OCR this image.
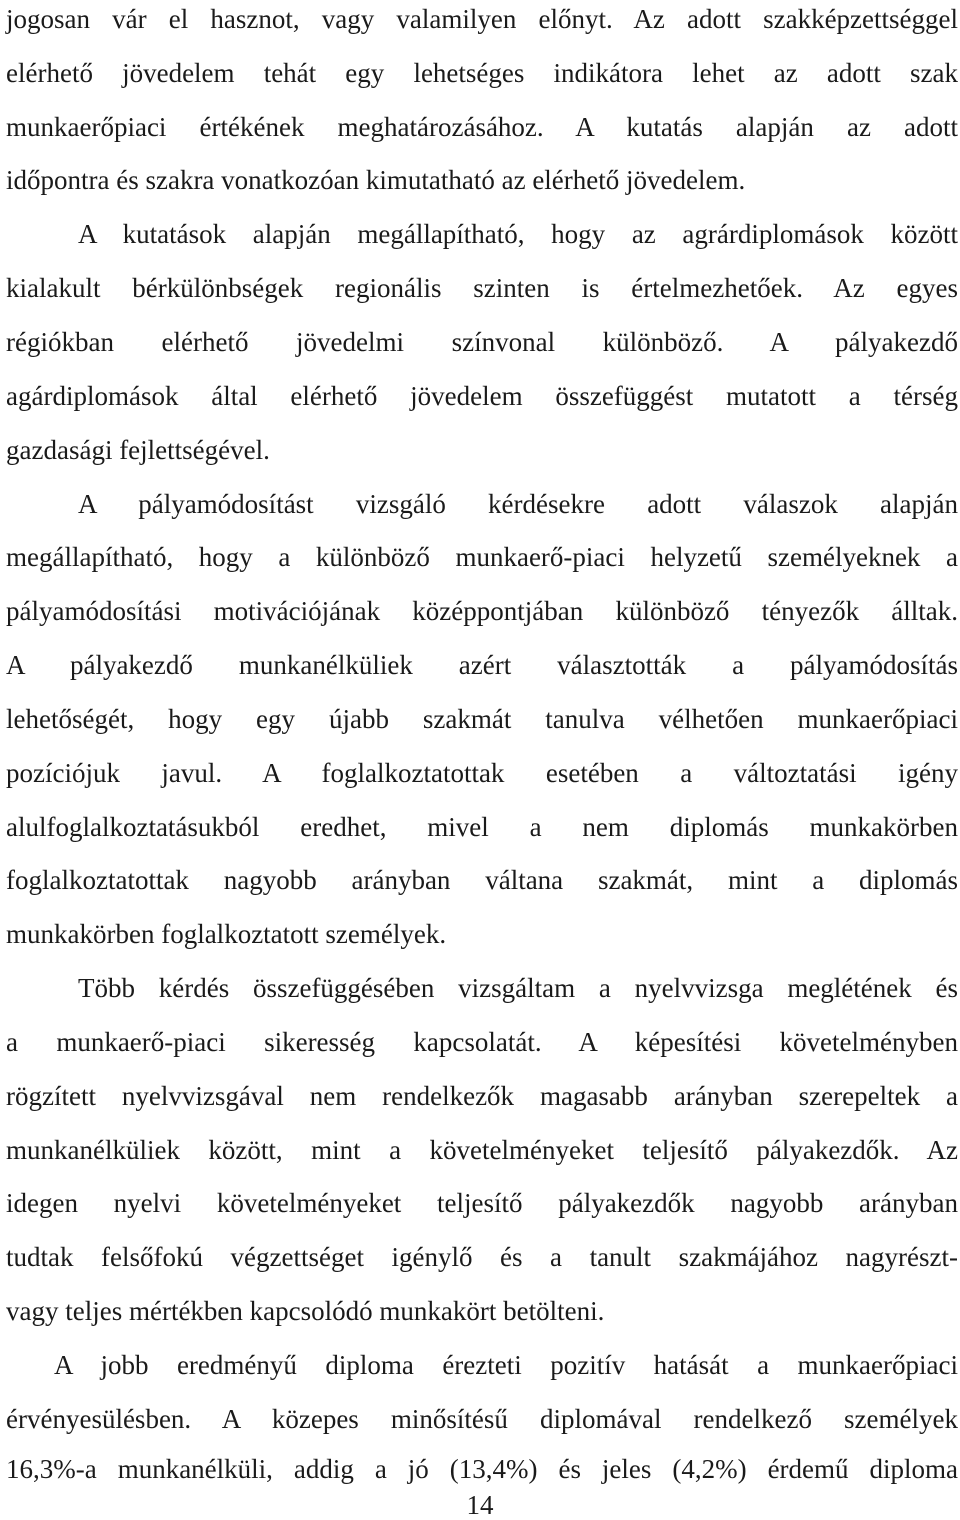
jogosan vár el hasznot, vagy valamilyen előnyt. Az adott szakképzettséggel
elérhető jövedelem tehát egy lehetséges indikátora lehet az adott szak
munkaerőpiaci értékének meghatározásához. A kutatás alapján az adott
időpontra és szakra vonatkozóan kimutatható az elérhető jövedelem.
A kutatások alapján megállapítható, hogy az agrárdiplomások között
kialakult bérkülönbségek regionális szinten is értelmezhetőek. Az egyes
régiókban elérhető jövedelmi színvonal különböző. A pályakezdő
agárdiplomások által elérhető jövedelem összefüggést mutatott a térség
gazdasági fejlettségével.
A pályamódosítást vizsgáló kérdésekre adott válaszok alapján
megállapítható, hogy a különböző munkaerő-piaci helyzetű személyeknek a
pályamódosítási motivációjának középpontjában különböző tényezők álltak.
A pályakezdő munkanélküliek azért választották a pályamódosítás
lehetőségét, hogy egy újabb szakmát tanulva vélhetően munkaerőpiaci
pozíciójuk javul. A foglalkoztatottak esetében a változtatási igény
alulfoglalkoztatásukból eredhet, mivel a nem diplomás munkakörben
foglalkoztatottak nagyobb arányban váltana szakmát, mint a diplomás
munkakörben foglalkoztatott személyek.
Több kérdés összefüggésében vizsgáltam a nyelvvizsga meglétének és
a munkaerő-piaci sikeresség kapcsolatát. A képesítési követelményben
rögzített nyelvvizsgával nem rendelkezők magasabb arányban szerepeltek a
munkanélküliek között, mint a követelményeket teljesítő pályakezdők. Az
idegen nyelvi követelményeket teljesítő pályakezdők nagyobb arányban
tudtak felsőfokú végzettséget igénylő és a tanult szakmájához nagyrészt-
vagy teljes mértékben kapcsolódó munkakört betölteni.
A jobb eredményű diploma érezteti pozitív hatását a munkaerőpiaci
érvényesülésben. A közepes minősítésű diplomával rendelkező személyek
16,3%-a munkanélküli, addig a jó (13,4%) és jeles (4,2%) érdemű diploma
14
